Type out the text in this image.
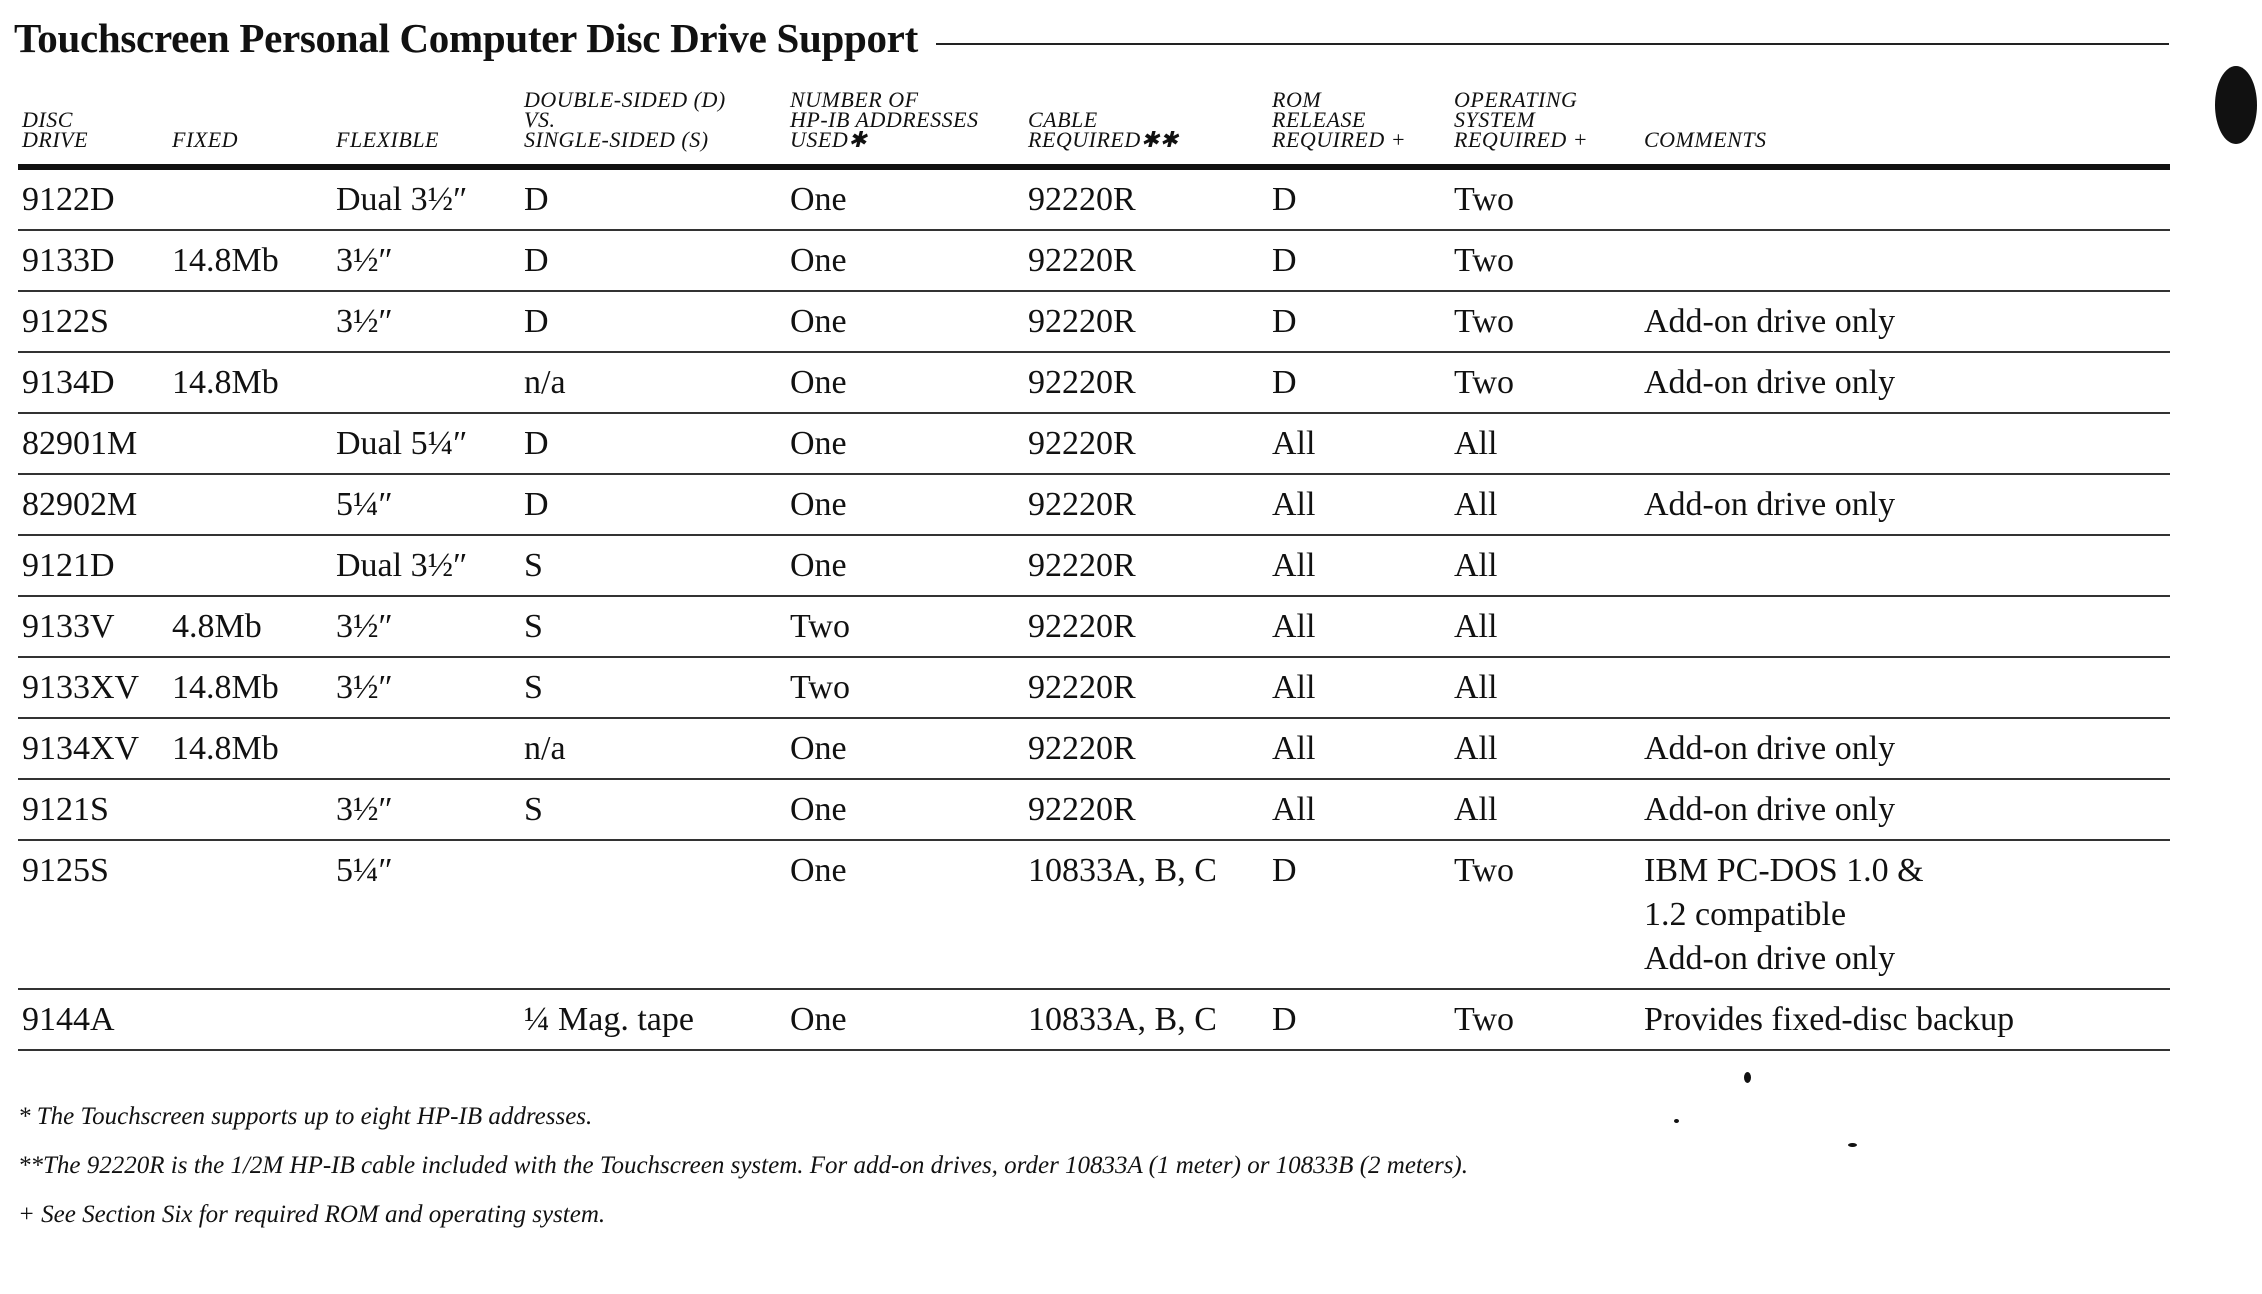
Touchscreen Personal Computer Disc Drive Support
DISC
DRIVE	FIXED	FLEXIBLE	DOUBLE-SIDED (D)
VS.
SINGLE-SIDED (S)	NUMBER OF
HP-IB ADDRESSES
USED✱	CABLE
REQUIRED✱✱	ROM
RELEASE
REQUIRED +	OPERATING
SYSTEM
REQUIRED +	COMMENTS
9122D		Dual 3½″	D	One	92220R	D	Two	
9133D	14.8Mb	3½″	D	One	92220R	D	Two	
9122S		3½″	D	One	92220R	D	Two	Add-on drive only
9134D	14.8Mb		n/a	One	92220R	D	Two	Add-on drive only
82901M		Dual 5¼″	D	One	92220R	All	All	
82902M		5¼″	D	One	92220R	All	All	Add-on drive only
9121D		Dual 3½″	S	One	92220R	All	All	
9133V	4.8Mb	3½″	S	Two	92220R	All	All	
9133XV	14.8Mb	3½″	S	Two	92220R	All	All	
9134XV	14.8Mb		n/a	One	92220R	All	All	Add-on drive only
9121S		3½″	S	One	92220R	All	All	Add-on drive only
9125S		5¼″		One	10833A, B, C	D	Two	IBM PC-DOS 1.0 &
1.2 compatible
Add-on drive only
9144A			¼ Mag. tape	One	10833A, B, C	D	Two	Provides fixed-disc backup
* The Touchscreen supports up to eight HP-IB addresses.
**The 92220R is the 1/2M HP-IB cable included with the Touchscreen system. For add-on drives, order 10833A (1 meter) or 10833B (2 meters).
+ See Section Six for required ROM and operating system.
